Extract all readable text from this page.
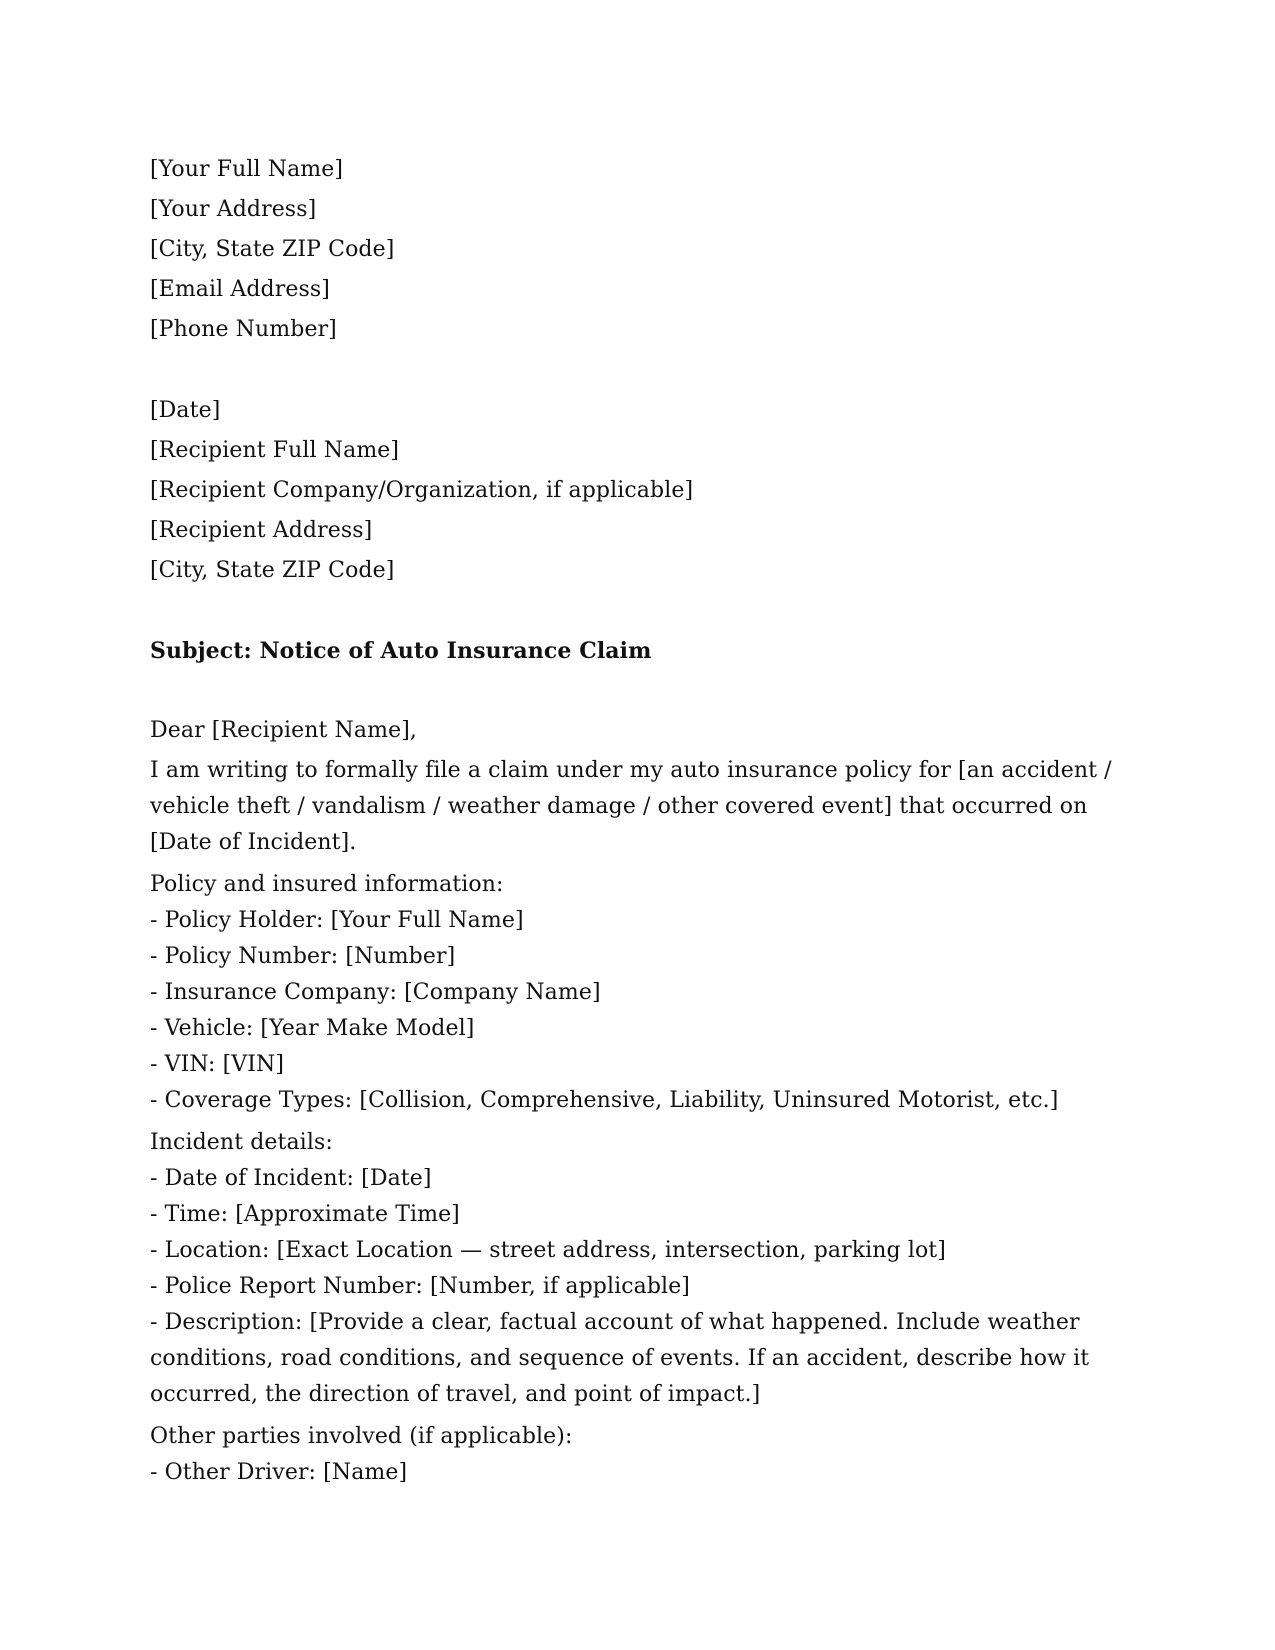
[Your Full Name]
[Your Address]
[City, State ZIP Code]
[Email Address]
[Phone Number]
[Date]
[Recipient Full Name]
[Recipient Company/Organization, if applicable]
[Recipient Address]
[City, State ZIP Code]
Subject: Notice of Auto Insurance Claim
Dear [Recipient Name],
I am writing to formally file a claim under my auto insurance policy for [an accident / vehicle theft / vandalism / weather damage / other covered event] that occurred on [Date of Incident].
Policy and insured information:
- Policy Holder: [Your Full Name]
- Policy Number: [Number]
- Insurance Company: [Company Name]
- Vehicle: [Year Make Model]
- VIN: [VIN]
- Coverage Types: [Collision, Comprehensive, Liability, Uninsured Motorist, etc.]
Incident details:
- Date of Incident: [Date]
- Time: [Approximate Time]
- Location: [Exact Location — street address, intersection, parking lot]
- Police Report Number: [Number, if applicable]
- Description: [Provide a clear, factual account of what happened. Include weather conditions, road conditions, and sequence of events. If an accident, describe how it occurred, the direction of travel, and point of impact.]
Other parties involved (if applicable):
- Other Driver: [Name]
